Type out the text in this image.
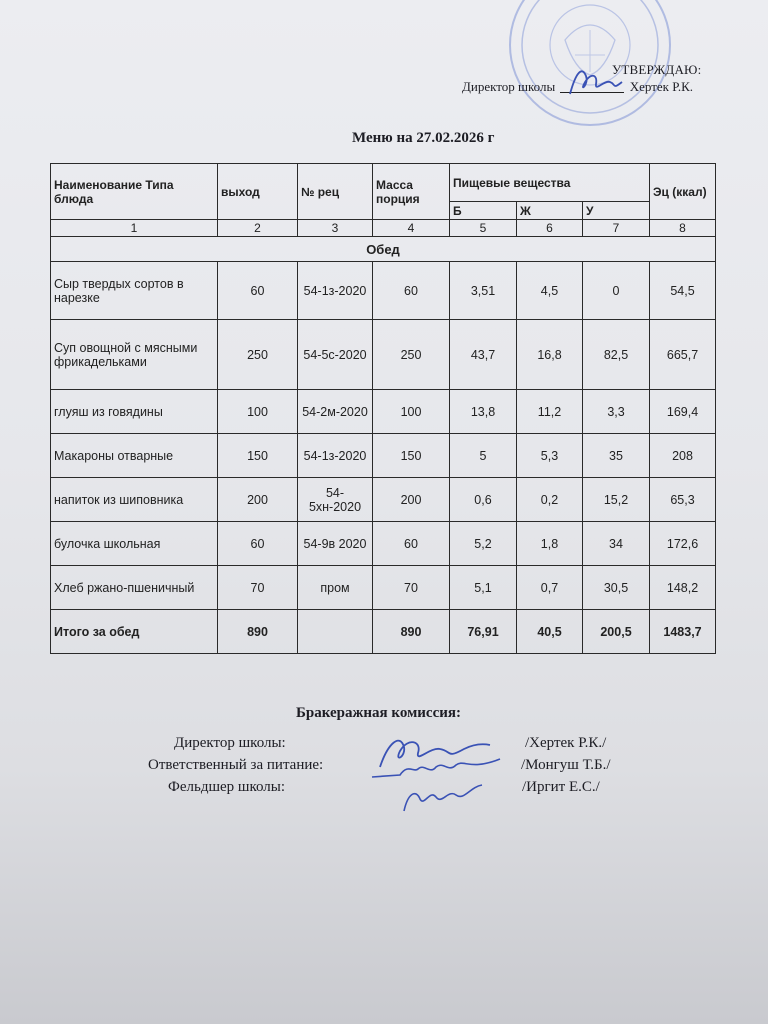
УТВЕРЖДАЮ:
Директор школы	Хертек Р.К.
Меню на 27.02.2026 г
Наименование Типа блюда	выход	№ рец	Масса порция	Пищевые вещества			Эц (ккал)
				Б	Ж	У	
1	2	3	4	5	6	7	8
Обед							
Сыр твердых сортов в нарезке	60	54-1з-2020	60	3,51	4,5	0	54,5
Суп овощной с мясными фрикадельками	250	54-5с-2020	250	43,7	16,8	82,5	665,7
глуяш из говядины	100	54-2м-2020	100	13,8	11,2	3,3	169,4
Макароны отварные	150	54-1з-2020	150	5	5,3	35	208
напиток из шиповника	200	54-5хн-2020	200	0,6	0,2	15,2	65,3
булочка школьная	60	54-9в 2020	60	5,2	1,8	34	172,6
Хлеб ржано-пшеничный	70	пром	70	5,1	0,7	30,5	148,2
Итого за обед	890		890	76,91	40,5	200,5	1483,7
Бракеражная комиссия:
Директор школы:	/Хертек Р.К./
Ответственный за питание:	/Монгуш Т.Б./
Фельдшер школы:	/Иргит Е.С./
